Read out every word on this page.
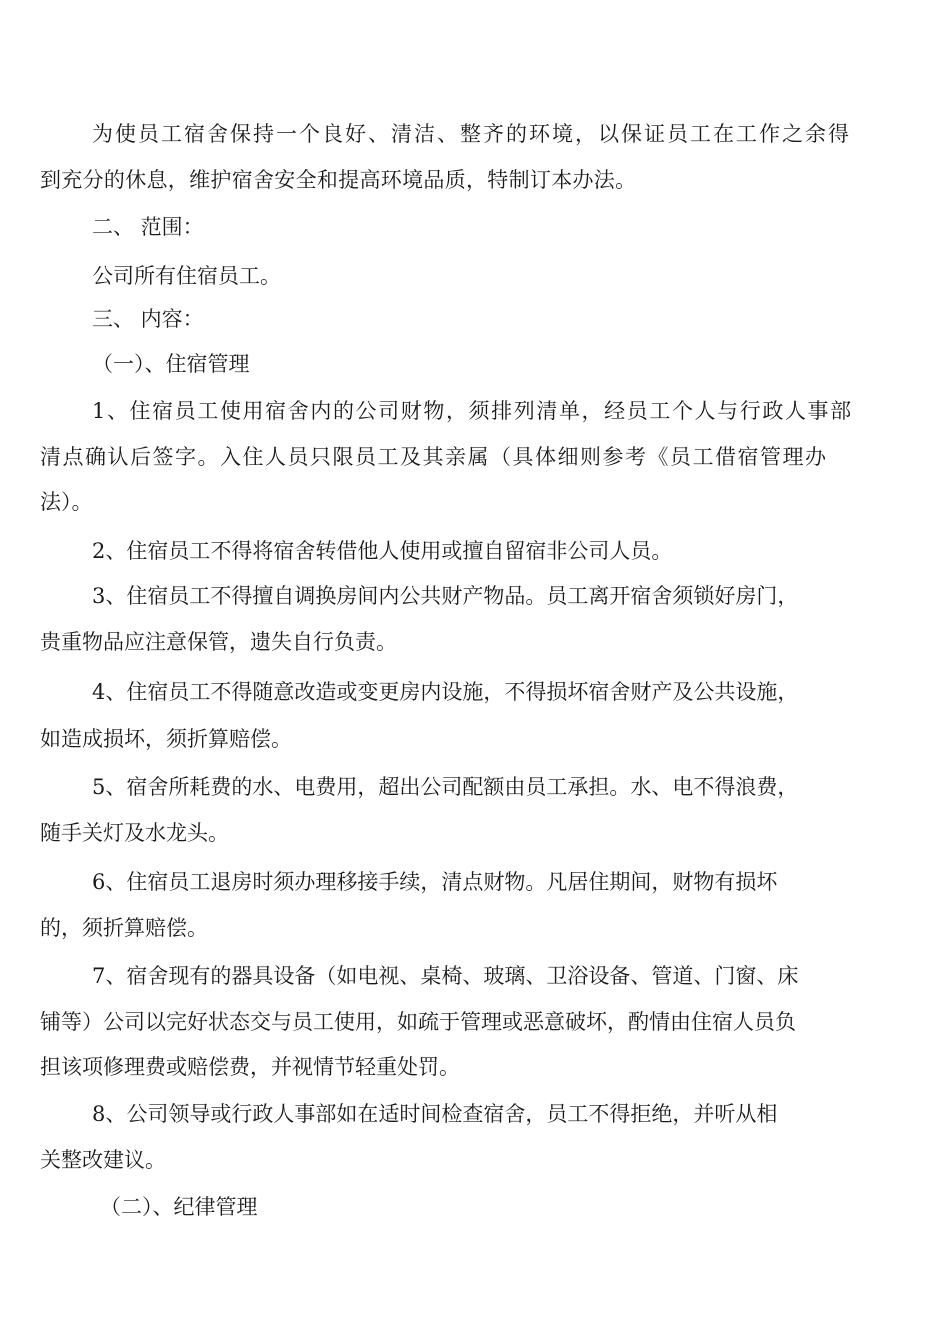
为使员工宿舍保持一个良好、清洁、整齐的环境，以保证员工在工作之余得
到充分的休息，维护宿舍安全和提高环境品质，特制订本办法。
二、 范围：
公司所有住宿员工。
三、 内容：
（一）、住宿管理
1、住宿员工使用宿舍内的公司财物，须排列清单，经员工个人与行政人事部
清点确认后签字。入住人员只限员工及其亲属（具体细则参考《员工借宿管理办
法）。
2、住宿员工不得将宿舍转借他人使用或擅自留宿非公司人员。
3、住宿员工不得擅自调换房间内公共财产物品。员工离开宿舍须锁好房门，
贵重物品应注意保管，遗失自行负责。
4、住宿员工不得随意改造或变更房内设施，不得损坏宿舍财产及公共设施，
如造成损坏，须折算赔偿。
5、宿舍所耗费的水、电费用，超出公司配额由员工承担。水、电不得浪费，
随手关灯及水龙头。
6、住宿员工退房时须办理移接手续，清点财物。凡居住期间，财物有损坏
的，须折算赔偿。
7、宿舍现有的器具设备（如电视、桌椅、玻璃、卫浴设备、管道、门窗、床
铺等）公司以完好状态交与员工使用，如疏于管理或恶意破坏，酌情由住宿人员负
担该项修理费或赔偿费，并视情节轻重处罚。
8、公司领导或行政人事部如在适时间检查宿舍，员工不得拒绝，并听从相
关整改建议。
（二）、纪律管理
